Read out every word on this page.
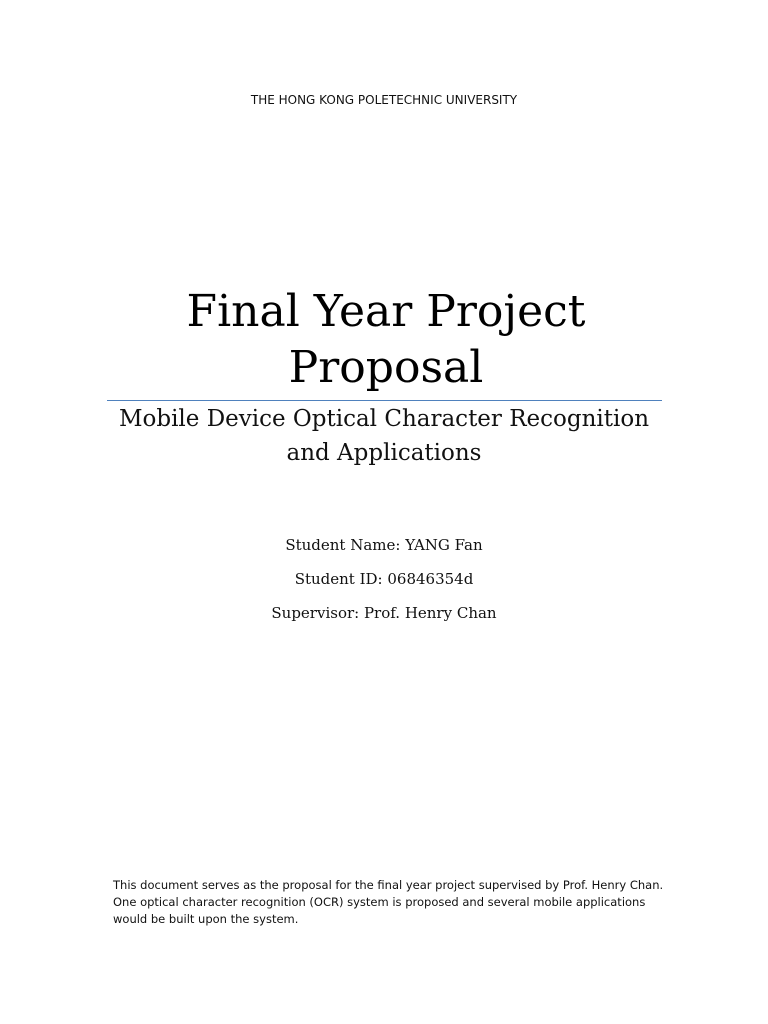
THE HONG KONG POLETECHNIC UNIVERSITY
Final Year Project
Proposal
Mobile Device Optical Character Recognition
and Applications
Student Name: YANG Fan
Student ID: 06846354d
Supervisor: Prof. Henry Chan
This document serves as the proposal for the final year project supervised by Prof. Henry Chan.
One optical character recognition (OCR) system is proposed and several mobile applications
would be built upon the system.
